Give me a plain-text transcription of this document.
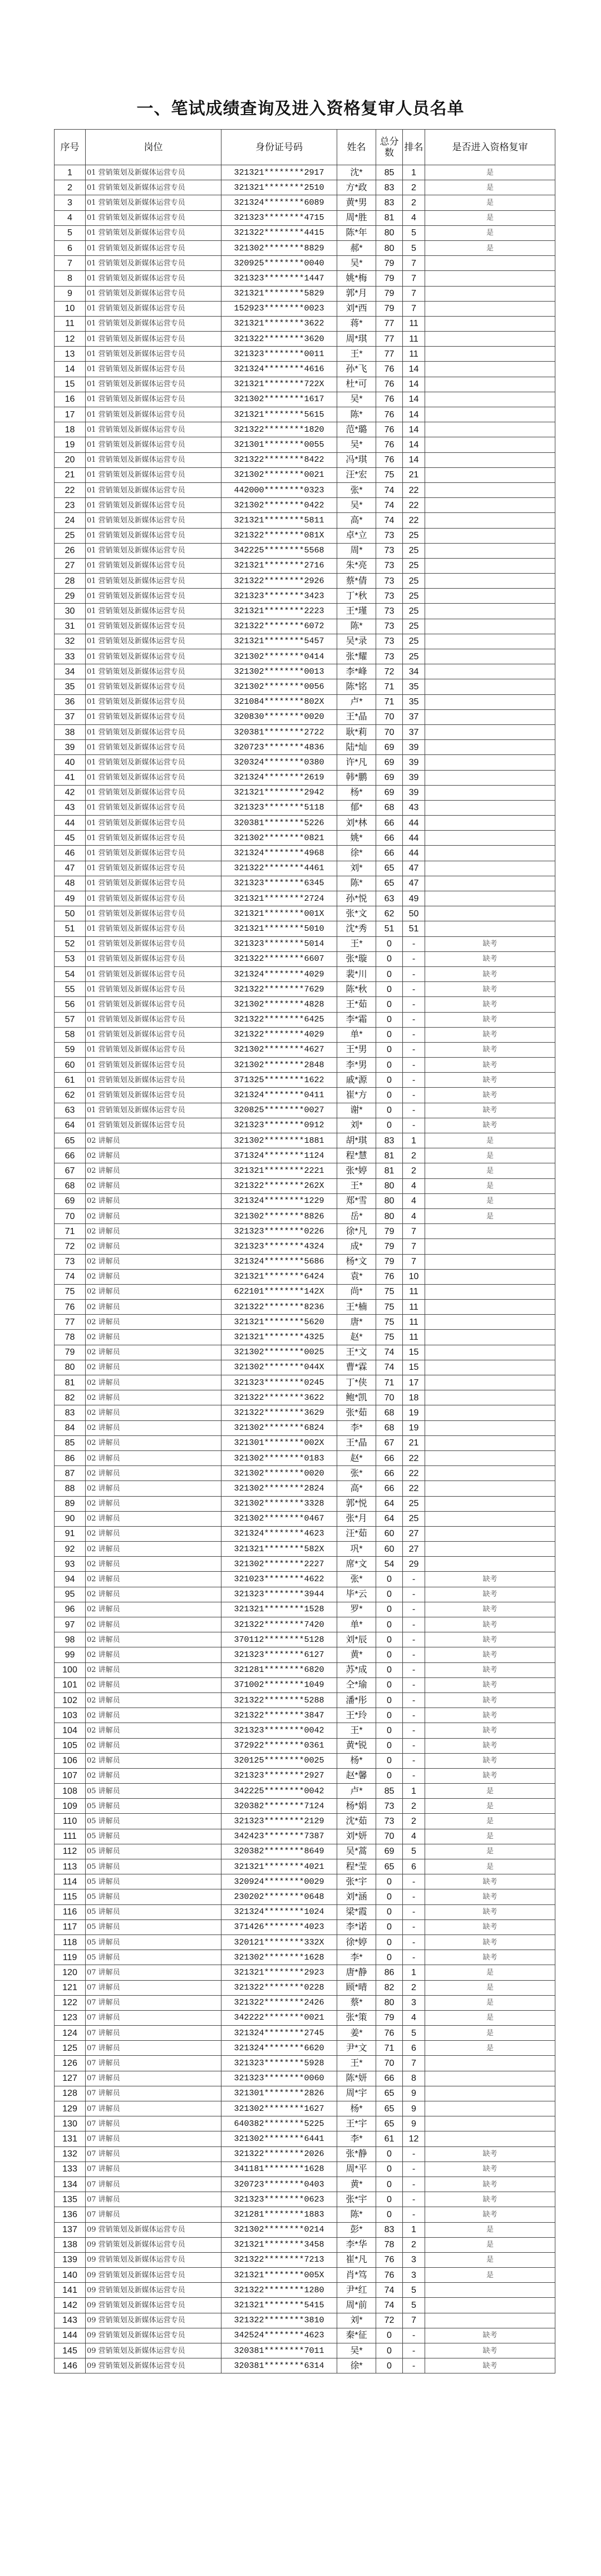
一、笔试成绩查询及进入资格复审人员名单
序号	岗位	身份证号码	姓名	总分数	排名	是否进入资格复审
1	01 营销策划及新媒体运营专员	321321********2917	沈*	85	1	是
2	01 营销策划及新媒体运营专员	321321********2510	方*政	83	2	是
3	01 营销策划及新媒体运营专员	321324********6089	黄*男	83	2	是
4	01 营销策划及新媒体运营专员	321323********4715	周*胜	81	4	是
5	01 营销策划及新媒体运营专员	321322********4415	陈*年	80	5	是
6	01 营销策划及新媒体运营专员	321302********8829	郝*	80	5	是
7	01 营销策划及新媒体运营专员	320925********0040	吴*	79	7	
8	01 营销策划及新媒体运营专员	321323********1447	姚*梅	79	7	
9	01 营销策划及新媒体运营专员	321321********5829	郭*月	79	7	
10	01 营销策划及新媒体运营专员	152923********0023	刘*西	79	7	
11	01 营销策划及新媒体运营专员	321321********3622	蒋*	77	11	
12	01 营销策划及新媒体运营专员	321322********3620	周*琪	77	11	
13	01 营销策划及新媒体运营专员	321323********0011	王*	77	11	
14	01 营销策划及新媒体运营专员	321324********4616	孙*飞	76	14	
15	01 营销策划及新媒体运营专员	321321********722X	杜*可	76	14	
16	01 营销策划及新媒体运营专员	321302********1617	吴*	76	14	
17	01 营销策划及新媒体运营专员	321321********5615	陈*	76	14	
18	01 营销策划及新媒体运营专员	321322********1820	范*璐	76	14	
19	01 营销策划及新媒体运营专员	321301********0055	吴*	76	14	
20	01 营销策划及新媒体运营专员	321322********8422	冯*琪	76	14	
21	01 营销策划及新媒体运营专员	321302********0021	汪*宏	75	21	
22	01 营销策划及新媒体运营专员	442000********0323	张*	74	22	
23	01 营销策划及新媒体运营专员	321302********0422	吴*	74	22	
24	01 营销策划及新媒体运营专员	321321********5811	高*	74	22	
25	01 营销策划及新媒体运营专员	321322********081X	卓*立	73	25	
26	01 营销策划及新媒体运营专员	342225********5568	周*	73	25	
27	01 营销策划及新媒体运营专员	321321********2716	朱*亮	73	25	
28	01 营销策划及新媒体运营专员	321322********2926	蔡*倩	73	25	
29	01 营销策划及新媒体运营专员	321323********3423	丁*秋	73	25	
30	01 营销策划及新媒体运营专员	321321********2223	王*瑾	73	25	
31	01 营销策划及新媒体运营专员	321322********6072	陈*	73	25	
32	01 营销策划及新媒体运营专员	321321********5457	吴*录	73	25	
33	01 营销策划及新媒体运营专员	321302********0414	张*耀	73	25	
34	01 营销策划及新媒体运营专员	321302********0013	李*峰	72	34	
35	01 营销策划及新媒体运营专员	321302********0056	陈*铭	71	35	
36	01 营销策划及新媒体运营专员	321084********802X	卢*	71	35	
37	01 营销策划及新媒体运营专员	320830********0020	王*晶	70	37	
38	01 营销策划及新媒体运营专员	320381********2722	耿*莉	70	37	
39	01 营销策划及新媒体运营专员	320723********4836	陆*灿	69	39	
40	01 营销策划及新媒体运营专员	320324********0380	许*凡	69	39	
41	01 营销策划及新媒体运营专员	321324********2619	韩*鹏	69	39	
42	01 营销策划及新媒体运营专员	321321********2942	杨*	69	39	
43	01 营销策划及新媒体运营专员	321323********5118	郁*	68	43	
44	01 营销策划及新媒体运营专员	320381********5226	刘*林	66	44	
45	01 营销策划及新媒体运营专员	321302********0821	姚*	66	44	
46	01 营销策划及新媒体运营专员	321324********4968	徐*	66	44	
47	01 营销策划及新媒体运营专员	321322********4461	刘*	65	47	
48	01 营销策划及新媒体运营专员	321323********6345	陈*	65	47	
49	01 营销策划及新媒体运营专员	321321********2724	孙*悦	63	49	
50	01 营销策划及新媒体运营专员	321321********001X	张*文	62	50	
51	01 营销策划及新媒体运营专员	321321********5010	沈*秀	51	51	
52	01 营销策划及新媒体运营专员	321323********5014	王*	0	-	缺考
53	01 营销策划及新媒体运营专员	321322********6607	张*璇	0	-	缺考
54	01 营销策划及新媒体运营专员	321324********4029	裴*川	0	-	缺考
55	01 营销策划及新媒体运营专员	321322********7629	陈*秋	0	-	缺考
56	01 营销策划及新媒体运营专员	321302********4828	王*茹	0	-	缺考
57	01 营销策划及新媒体运营专员	321322********6425	李*霜	0	-	缺考
58	01 营销策划及新媒体运营专员	321322********4029	单*	0	-	缺考
59	01 营销策划及新媒体运营专员	321302********4627	王*男	0	-	缺考
60	01 营销策划及新媒体运营专员	321302********2848	李*男	0	-	缺考
61	01 营销策划及新媒体运营专员	371325********1622	戚*源	0	-	缺考
62	01 营销策划及新媒体运营专员	321324********0411	崔*方	0	-	缺考
63	01 营销策划及新媒体运营专员	320825********0027	谢*	0	-	缺考
64	01 营销策划及新媒体运营专员	321323********0912	刘*	0	-	缺考
65	02 讲解员	321302********1881	胡*琪	83	1	是
66	02 讲解员	371324********1124	程*慧	81	2	是
67	02 讲解员	321321********2221	张*婷	81	2	是
68	02 讲解员	321322********262X	王*	80	4	是
69	02 讲解员	321324********1229	郑*雪	80	4	是
70	02 讲解员	321302********8826	岳*	80	4	是
71	02 讲解员	321323********0226	徐*凡	79	7	
72	02 讲解员	321323********4324	成*	79	7	
73	02 讲解员	321324********5686	杨*文	79	7	
74	02 讲解员	321321********6424	袁*	76	10	
75	02 讲解员	622101********142X	尚*	75	11	
76	02 讲解员	321322********8236	王*楠	75	11	
77	02 讲解员	321321********5620	唐*	75	11	
78	02 讲解员	321321********4325	赵*	75	11	
79	02 讲解员	321302********0025	王*文	74	15	
80	02 讲解员	321302********044X	曹*霖	74	15	
81	02 讲解员	321323********0245	丁*侠	71	17	
82	02 讲解员	321322********3622	鲍*凯	70	18	
83	02 讲解员	321322********3629	张*茹	68	19	
84	02 讲解员	321302********6824	李*	68	19	
85	02 讲解员	321301********002X	王*晶	67	21	
86	02 讲解员	321302********0183	赵*	66	22	
87	02 讲解员	321302********0020	张*	66	22	
88	02 讲解员	321302********2824	高*	66	22	
89	02 讲解员	321302********3328	郭*悦	64	25	
90	02 讲解员	321302********0467	张*月	64	25	
91	02 讲解员	321324********4623	汪*茹	60	27	
92	02 讲解员	321321********582X	巩*	60	27	
93	02 讲解员	321302********2227	席*文	54	29	
94	02 讲解员	321023********4622	张*	0	-	缺考
95	02 讲解员	321323********3944	毕*云	0	-	缺考
96	02 讲解员	321321********1528	罗*	0	-	缺考
97	02 讲解员	321322********7420	单*	0	-	缺考
98	02 讲解员	370112********5128	刘*辰	0	-	缺考
99	02 讲解员	321323********6127	黄*	0	-	缺考
100	02 讲解员	321281********6820	苏*成	0	-	缺考
101	02 讲解员	371002********1049	仝*瑜	0	-	缺考
102	02 讲解员	321322********5288	潘*彤	0	-	缺考
103	02 讲解员	321322********3847	王*玲	0	-	缺考
104	02 讲解员	321323********0042	王*	0	-	缺考
105	02 讲解员	372922********0361	黄*锐	0	-	缺考
106	02 讲解员	320125********0025	杨*	0	-	缺考
107	02 讲解员	321323********2927	赵*馨	0	-	缺考
108	05 讲解员	342225********0042	卢*	85	1	是
109	05 讲解员	320382********7124	杨*娟	73	2	是
110	05 讲解员	321323********2129	沈*茹	73	2	是
111	05 讲解员	342423********7387	刘*妍	70	4	是
112	05 讲解员	320382********8649	吴*蒿	69	5	是
113	05 讲解员	321321********4021	程*莹	65	6	是
114	05 讲解员	320924********0029	张*宇	0	-	缺考
115	05 讲解员	230202********0648	刘*涵	0	-	缺考
116	05 讲解员	321324********1024	梁*霞	0	-	缺考
117	05 讲解员	371426********4023	李*诺	0	-	缺考
118	05 讲解员	320121********332X	徐*婷	0	-	缺考
119	05 讲解员	321302********1628	李*	0	-	缺考
120	07 讲解员	321321********2923	唐*静	86	1	是
121	07 讲解员	321322********0228	顾*晴	82	2	是
122	07 讲解员	321322********2426	蔡*	80	3	是
123	07 讲解员	342222********0021	张*策	79	4	是
124	07 讲解员	321324********2745	姜*	76	5	是
125	07 讲解员	321324********6620	尹*文	71	6	是
126	07 讲解员	321323********5928	王*	70	7	
127	07 讲解员	321323********0060	陈*妍	66	8	
128	07 讲解员	321301********2826	周*宇	65	9	
129	07 讲解员	321302********1627	杨*	65	9	
130	07 讲解员	640382********5225	王*宇	65	9	
131	07 讲解员	321302********6441	李*	61	12	
132	07 讲解员	321322********2026	张*静	0	-	缺考
133	07 讲解员	341181********1628	周*平	0	-	缺考
134	07 讲解员	320723********0403	黄*	0	-	缺考
135	07 讲解员	321323********0623	张*宇	0	-	缺考
136	07 讲解员	321281********1883	陈*	0	-	缺考
137	09 营销策划及新媒体运营专员	321302********0214	彭*	83	1	是
138	09 营销策划及新媒体运营专员	321321********3458	李*华	78	2	是
139	09 营销策划及新媒体运营专员	321322********7213	崔*凡	76	3	是
140	09 营销策划及新媒体运营专员	321321********005X	肖*笃	76	3	是
141	09 营销策划及新媒体运营专员	321322********1280	尹*红	74	5	
142	09 营销策划及新媒体运营专员	321321********5415	周*前	74	5	
143	09 营销策划及新媒体运营专员	321322********3810	刘*	72	7	
144	09 营销策划及新媒体运营专员	342524********4623	秦*征	0	-	缺考
145	09 营销策划及新媒体运营专员	320381********7011	吴*	0	-	缺考
146	09 营销策划及新媒体运营专员	320381********6314	徐*	0	-	缺考
